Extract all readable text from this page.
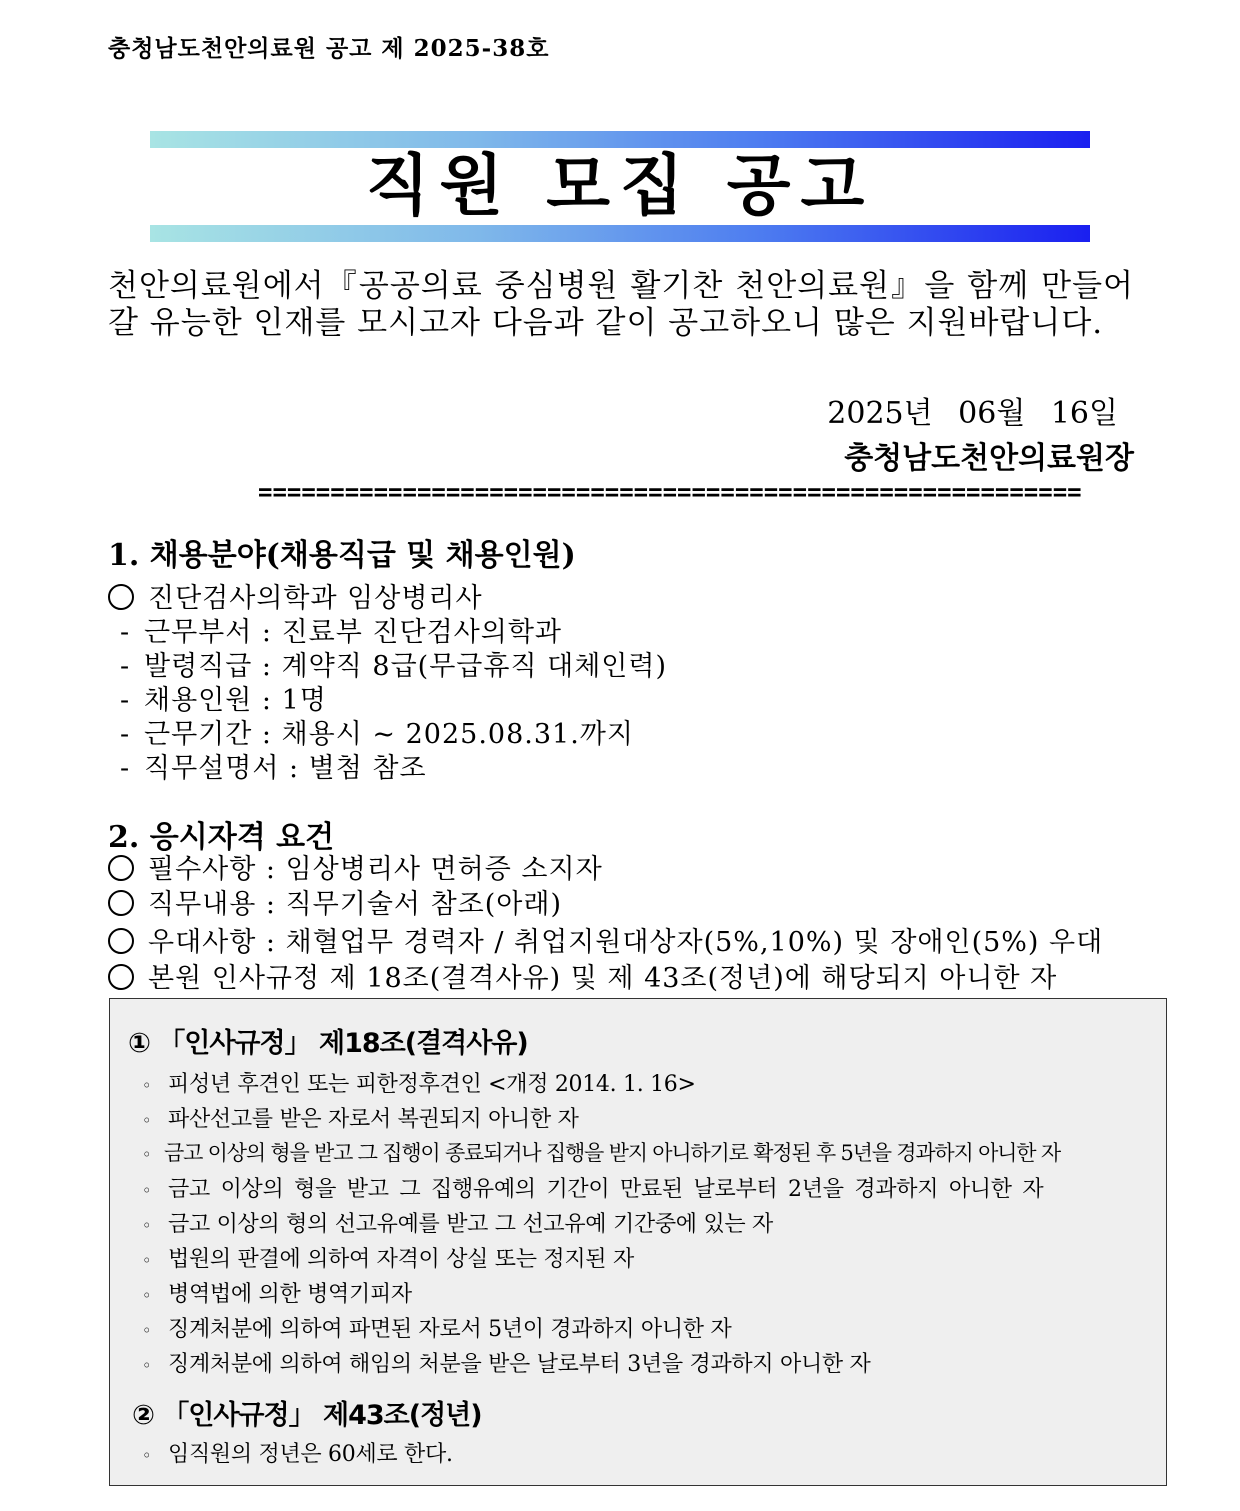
충청남도천안의료원 공고 제 2025-38호
직원 모집 공고
천안의료원에서『공공의료 중심병원 활기찬 천안의료원』을 함께 만들어 갈 유능한 인재를 모시고자 다음과 같이 공고하오니 많은 지원바랍니다.
2025년 06월 16일
충청남도천안의료원장
=========================================================
1. 채용분야(채용직급 및 채용인원)
진단검사의학과 임상병리사
- 근무부서 : 진료부 진단검사의학과
- 발령직급 : 계약직 8급(무급휴직 대체인력)
- 채용인원 : 1명
- 근무기간 : 채용시 ~ 2025.08.31.까지
- 직무설명서 : 별첨 참조
2. 응시자격 요건
필수사항 : 임상병리사 면허증 소지자
직무내용 : 직무기술서 참조(아래)
우대사항 : 채혈업무 경력자 / 취업지원대상자(5%,10%) 및 장애인(5%) 우대
본원 인사규정 제 18조(결격사유) 및 제 43조(정년)에 해당되지 아니한 자
① 「인사규정」 제18조(결격사유)
◦ 피성년 후견인 또는 피한정후견인 <개정 2014. 1. 16>
◦ 파산선고를 받은 자로서 복권되지 아니한 자
◦ 금고 이상의 형을 받고 그 집행이 종료되거나 집행을 받지 아니하기로 확정된 후 5년을 경과하지 아니한 자
◦ 금고 이상의 형을 받고 그 집행유예의 기간이 만료된 날로부터 2년을 경과하지 아니한 자
◦ 금고 이상의 형의 선고유예를 받고 그 선고유예 기간중에 있는 자
◦ 법원의 판결에 의하여 자격이 상실 또는 정지된 자
◦ 병역법에 의한 병역기피자
◦ 징계처분에 의하여 파면된 자로서 5년이 경과하지 아니한 자
◦ 징계처분에 의하여 해임의 처분을 받은 날로부터 3년을 경과하지 아니한 자
② 「인사규정」 제43조(정년)
◦ 임직원의 정년은 60세로 한다.
